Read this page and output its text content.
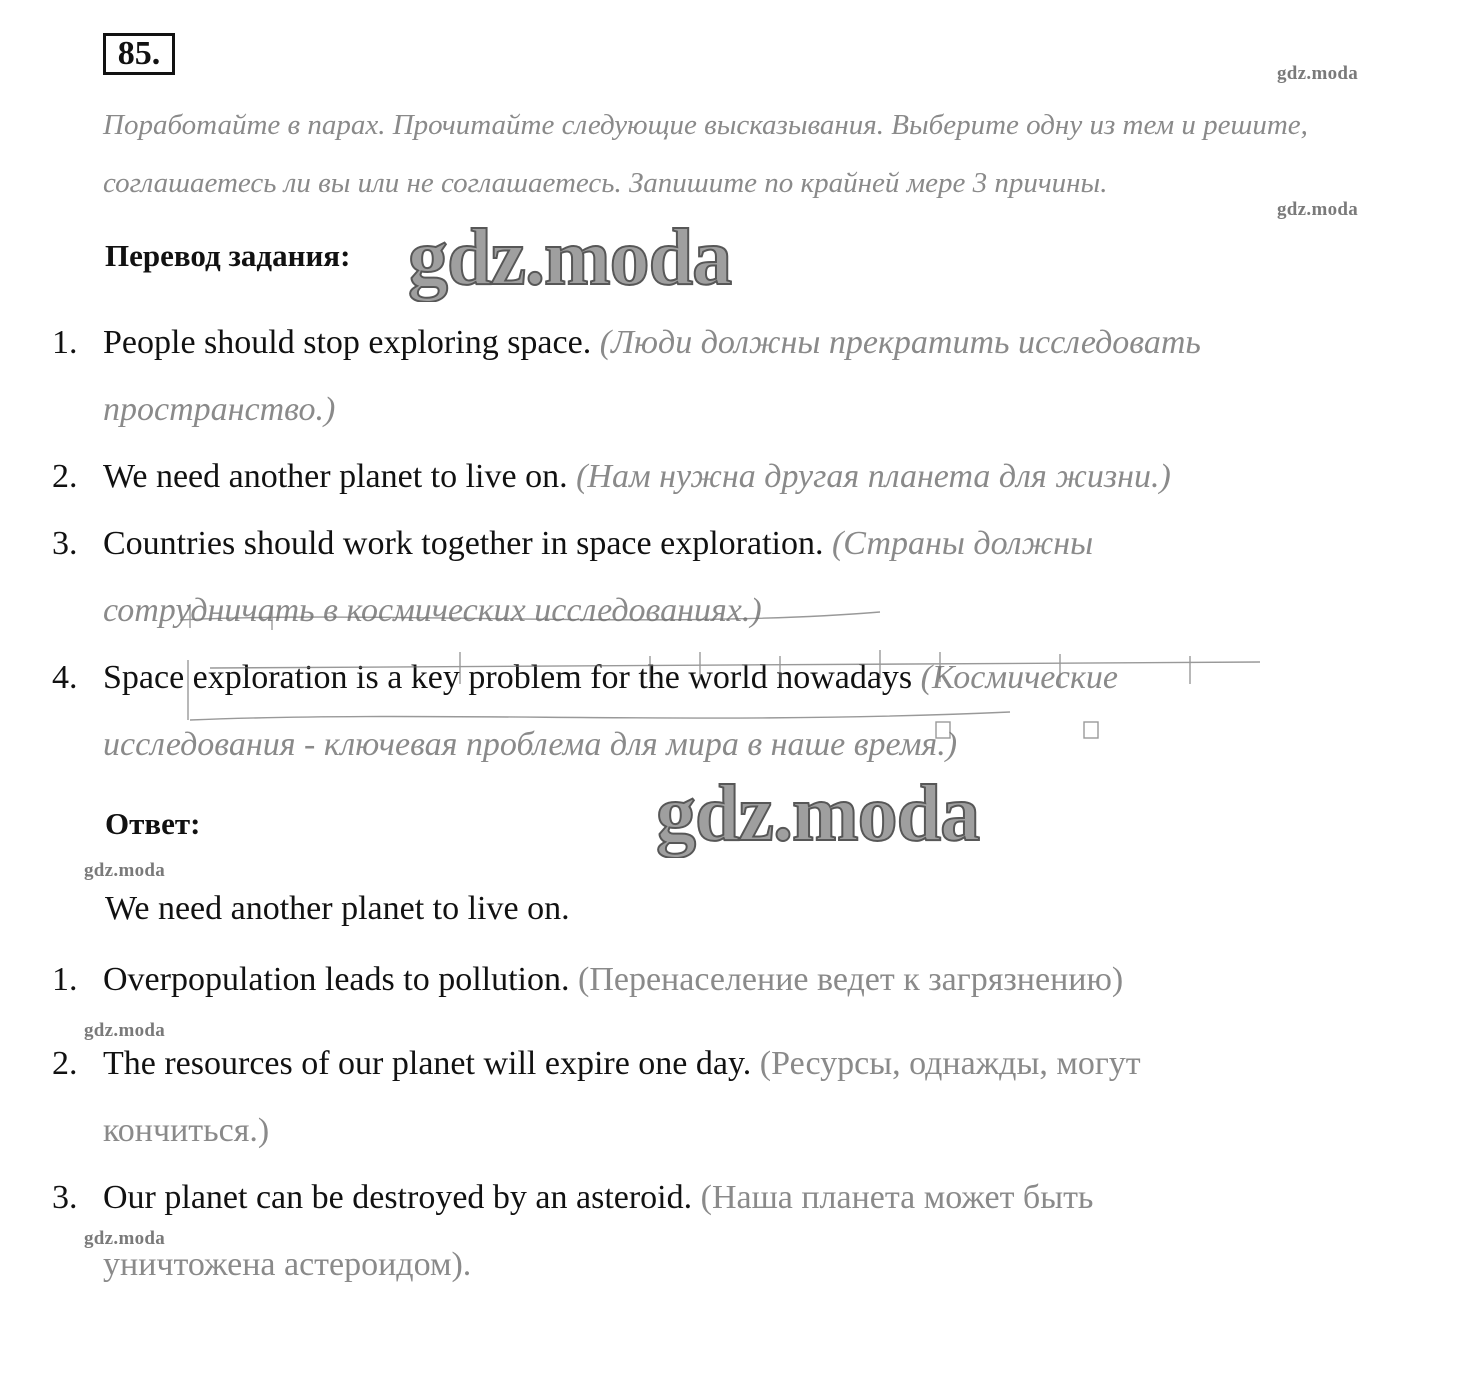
85.
gdz.moda
gdz.moda
gdz.moda
gdz.moda
gdz.moda
Поработайте в парах. Прочитайте следующие высказывания. Выберите одну из тем и решите, соглашаетесь ли вы или не соглашаетесь. Запишите по крайней мере 3 причины.
Перевод задания: gdz.moda
1. People should stop exploring space. (Люди должны прекратить исследовать пространство.)
2. We need another planet to live on. (Нам нужна другая планета для жизни.)
3. Countries should work together in space exploration. (Страны должны сотрудничать в космических исследованиях.)
4. Space exploration is a key problem for the world nowadays (Космические исследования - ключевая проблема для мира в наше время.)
Ответ:	gdz.moda
We need another planet to live on.
1. Overpopulation leads to pollution. (Перенаселение ведет к загрязнению)
2. The resources of our planet will expire one day. (Ресурсы, однажды, могут кончиться.)
3. Our planet can be destroyed by an asteroid. (Наша планета может быть уничтожена астероидом).
